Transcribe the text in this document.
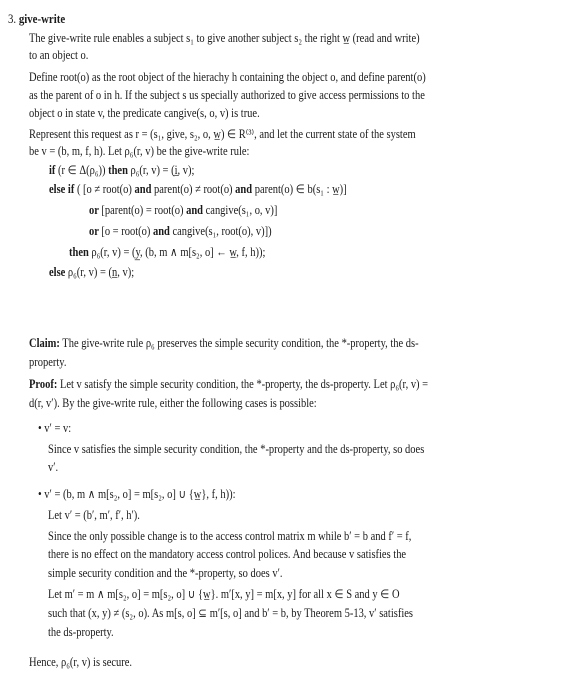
3. give-write
The give-write rule enables a subject s₁ to give another subject s₂ the right w̲ (read and write)
to an object o.
Define root(o) as the root object of the hierachy h containing the object o, and define parent(o)
as the parent of o in h. If the subject s us specially authorized to give access permissions to the
object o in state v, the predicate cangive(s, o, v) is true.
Represent this request as r = (s₁, give, s₂, o, w̲) ∈ R⁽³⁾, and let the current state of the system
be v = (b, m, f, h). Let ρ₆(r, v) be the give-write rule:
if (r ∈ Δ(ρ₆)) then ρ₆(r, v) = (i̲, v);
else if ( [o ≠ root(o) and parent(o) ≠ root(o) and parent(o) ∈ b(s₁ : w̲)]
or [parent(o) = root(o) and cangive(s₁, o, v)]
or [o = root(o) and cangive(s₁, root(o), v)])
then ρ₆(r, v) = (y̲, (b, m ∧ m[s₂, o] ← w̲, f, h));
else ρ₆(r, v) = (n̲, v);
Claim: The give-write rule ρ₆ preserves the simple security condition, the *-property, the ds-
property.
Proof: Let v satisfy the simple security condition, the *-property, the ds-property. Let ρ₆(r, v) =
d(r, v′). By the give-write rule, either the following cases is possible:
• v′ = v:
Since v satisfies the simple security condition, the *-property and the ds-property, so does
v′.
• v′ = (b, m ∧ m[s₂, o] = m[s₂, o] ∪ {w̲}, f, h)):
Let v′ = (b′, m′, f′, h′).
Since the only possible change is to the access control matrix m while b′ = b and f′ = f,
there is no effect on the mandatory access control polices. And because v satisfies the
simple security condition and the *-property, so does v′.
Let m′ = m ∧ m[s₂, o] = m[s₂, o] ∪ {w̲}. m′[x, y] = m[x, y] for all x ∈ S and y ∈ O
such that (x, y) ≠ (s₂, o). As m[s, o] ⊆ m′[s, o] and b′ = b, by Theorem 5-13, v′ satisfies
the ds-property.
Hence, ρ₆(r, v) is secure.
